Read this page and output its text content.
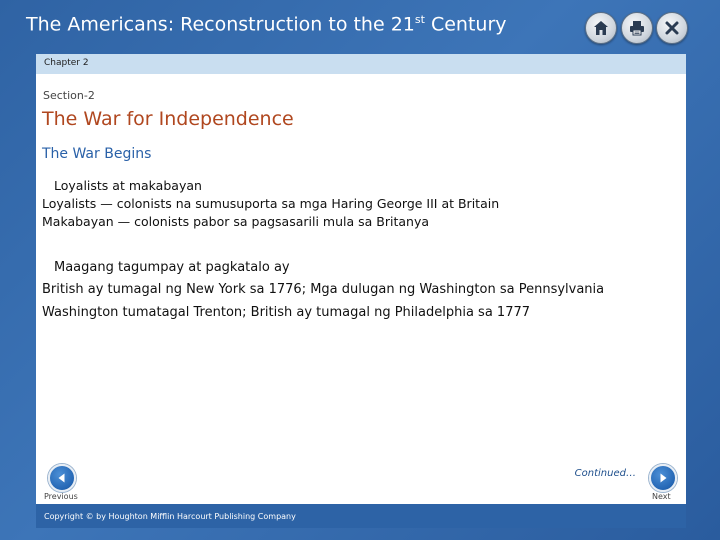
The Americans: Reconstruction to the 21st Century
Chapter 2
Section-2
The War for Independence
The War Begins
Loyalists at makabayan
Loyalists — colonists na sumusuporta sa mga Haring George III at Britain
Makabayan — colonists pabor sa pagsasarili mula sa Britanya
Maagang tagumpay at pagkatalo ay
British ay tumagal ng New York sa 1776; Mga dulugan ng Washington sa Pennsylvania
Washington tumatagal Trenton; British ay tumagal ng Philadelphia sa 1777
Continued…
Previous	Next
Copyright © by Houghton Mifflin Harcourt Publishing Company
